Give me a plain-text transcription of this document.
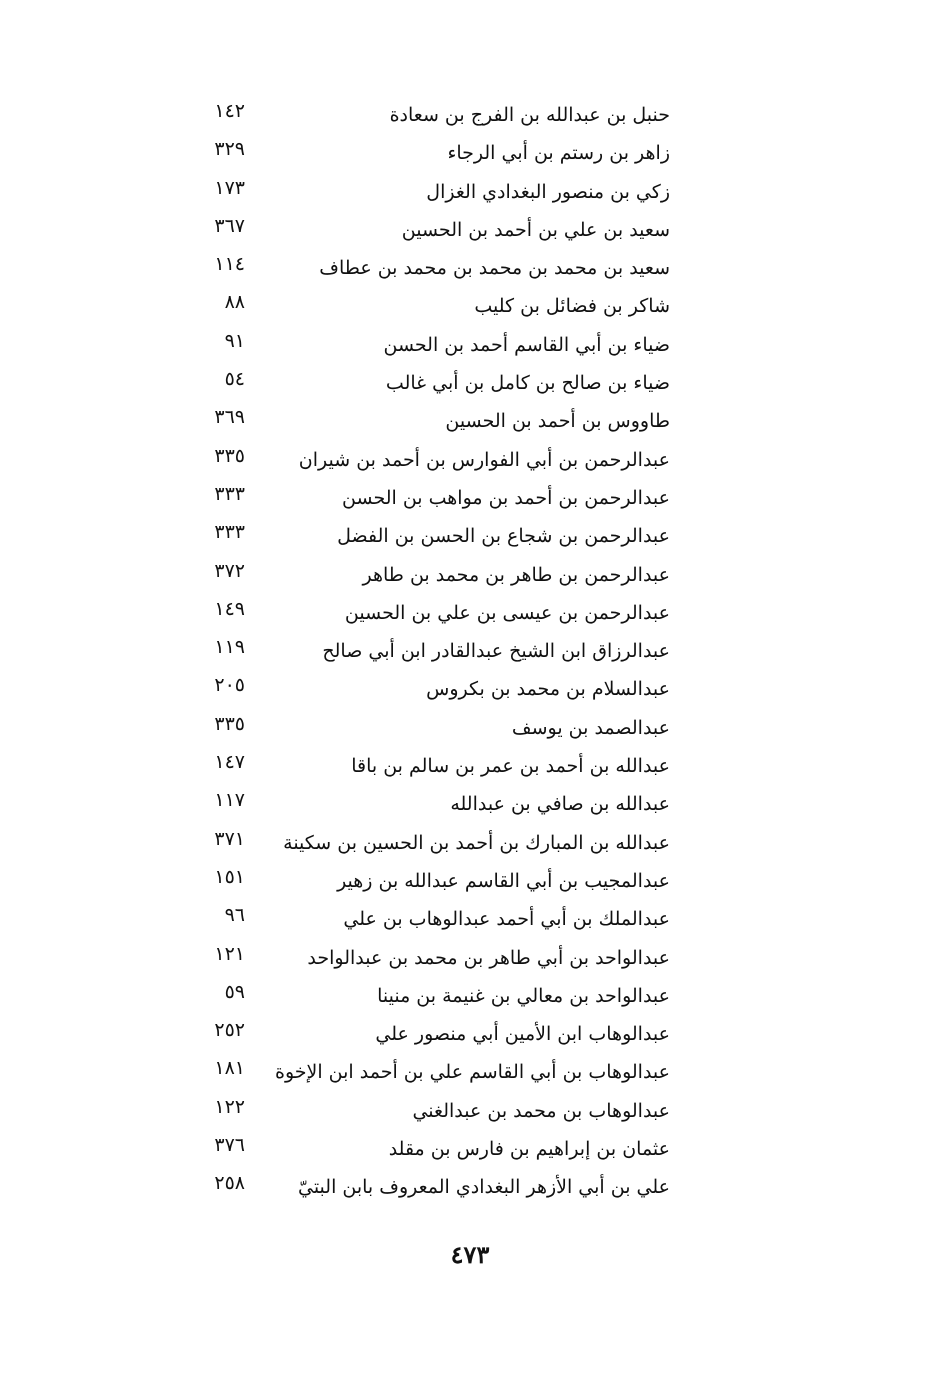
حنبل بن عبدالله بن الفرج بن سعادة
١٤٢
زاهر بن رستم بن أبي الرجاء
٣٢٩
زكي بن منصور البغدادي الغزال
١٧٣
سعيد بن علي بن أحمد بن الحسين
٣٦٧
سعيد بن محمد بن محمد بن محمد بن عطاف
١١٤
شاكر بن فضائل بن كليب
٨٨
ضياء بن أبي القاسم أحمد بن الحسن
٩١
ضياء بن صالح بن كامل بن أبي غالب
٥٤
طاووس بن أحمد بن الحسين
٣٦٩
عبدالرحمن بن أبي الفوارس بن أحمد بن شيران
٣٣٥
عبدالرحمن بن أحمد بن مواهب بن الحسن
٣٣٣
عبدالرحمن بن شجاع بن الحسن بن الفضل
٣٣٣
عبدالرحمن بن طاهر بن محمد بن طاهر
٣٧٢
عبدالرحمن بن عيسى بن علي بن الحسين
١٤٩
عبدالرزاق ابن الشيخ عبدالقادر ابن أبي صالح
١١٩
عبدالسلام بن محمد بن بكروس
٢٠٥
عبدالصمد بن يوسف
٣٣٥
عبدالله بن أحمد بن عمر بن سالم بن باقا
١٤٧
عبدالله بن صافي بن عبدالله
١١٧
عبدالله بن المبارك بن أحمد بن الحسين بن سكينة
٣٧١
عبدالمجيب بن أبي القاسم عبدالله بن زهير
١٥١
عبدالملك بن أبي أحمد عبدالوهاب بن علي
٩٦
عبدالواحد بن أبي طاهر بن محمد بن عبدالواحد
١٢١
عبدالواحد بن معالي بن غنيمة بن منينا
٥٩
عبدالوهاب ابن الأمين أبي منصور علي
٢٥٢
عبدالوهاب بن أبي القاسم علي بن أحمد ابن الإخوة
١٨١
عبدالوهاب بن محمد بن عبدالغني
١٢٢
عثمان بن إبراهيم بن فارس بن مقلد
٣٧٦
علي بن أبي الأزهر البغدادي المعروف بابن البتيّ
٢٥٨
٤٧٣
